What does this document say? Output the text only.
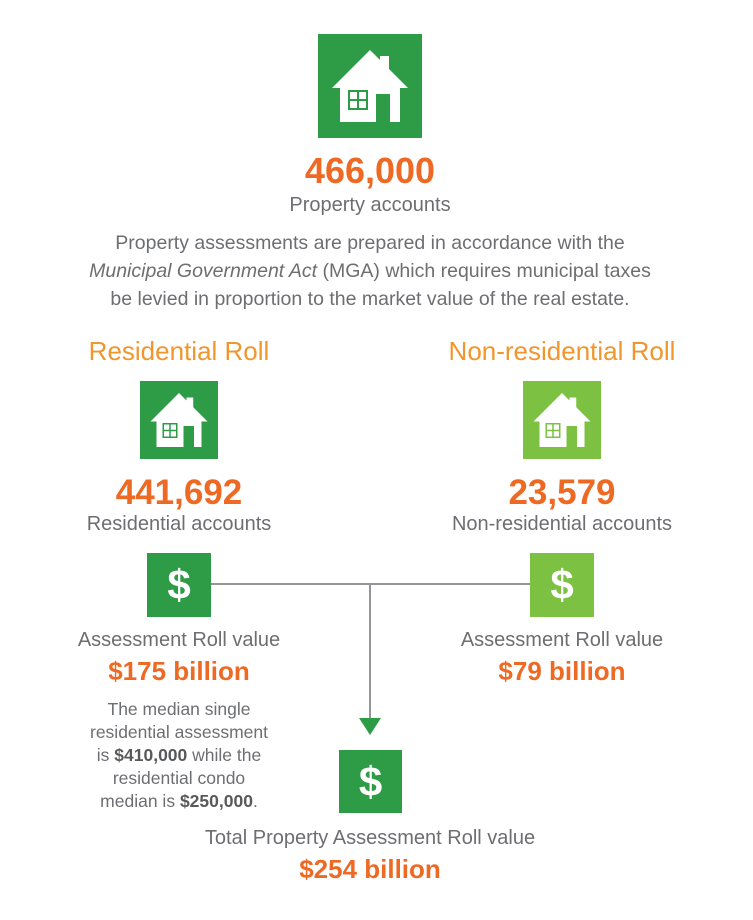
466,000
Property accounts
Property assessments are prepared in accordance with the
Municipal Government Act (MGA) which requires municipal taxes
be levied in proportion to the market value of the real estate.
Residential Roll
441,692
Residential accounts
$
Assessment Roll value
$175 billion
The median single
residential assessment
is $410,000 while the
residential condo
median is $250,000.
Non-residential Roll
23,579
Non-residential accounts
$
Assessment Roll value
$79 billion
$
Total Property Assessment Roll value
$254 billion
